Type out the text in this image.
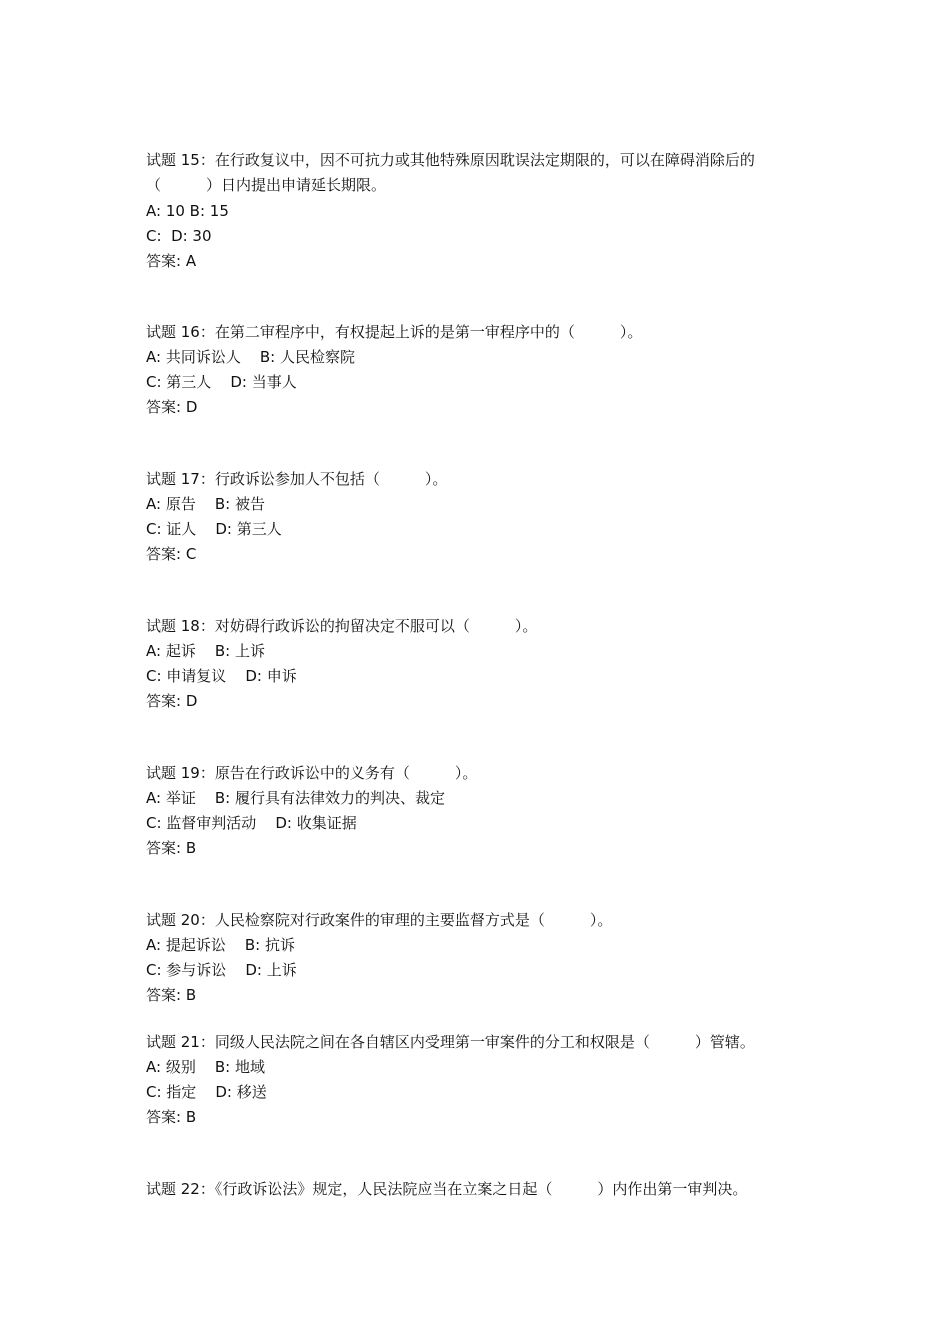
试题 15：在行政复议中，因不可抗力或其他特殊原因耽误法定期限的，可以在障碍消除后的
（　　　）日内提出申请延长期限。
A: 10 B: 15
C:  D: 30
答案: A
试题 16：在第二审程序中，有权提起上诉的是第一审程序中的（　　　）。
A: 共同诉讼人    B: 人民检察院
C: 第三人    D: 当事人
答案: D
试题 17：行政诉讼参加人不包括（　　　）。
A: 原告    B: 被告
C: 证人    D: 第三人
答案: C
试题 18：对妨碍行政诉讼的拘留决定不服可以（　　　）。
A: 起诉    B: 上诉
C: 申请复议    D: 申诉
答案: D
试题 19：原告在行政诉讼中的义务有（　　　）。
A: 举证    B: 履行具有法律效力的判决、裁定
C: 监督审判活动    D: 收集证据
答案: B
试题 20：人民检察院对行政案件的审理的主要监督方式是（　　　）。
A: 提起诉讼    B: 抗诉
C: 参与诉讼    D: 上诉
答案: B
试题 21：同级人民法院之间在各自辖区内受理第一审案件的分工和权限是（　　　）管辖。
A: 级别    B: 地域
C: 指定    D: 移送
答案: B
试题 22：《行政诉讼法》规定，人民法院应当在立案之日起（　　　）内作出第一审判决。
